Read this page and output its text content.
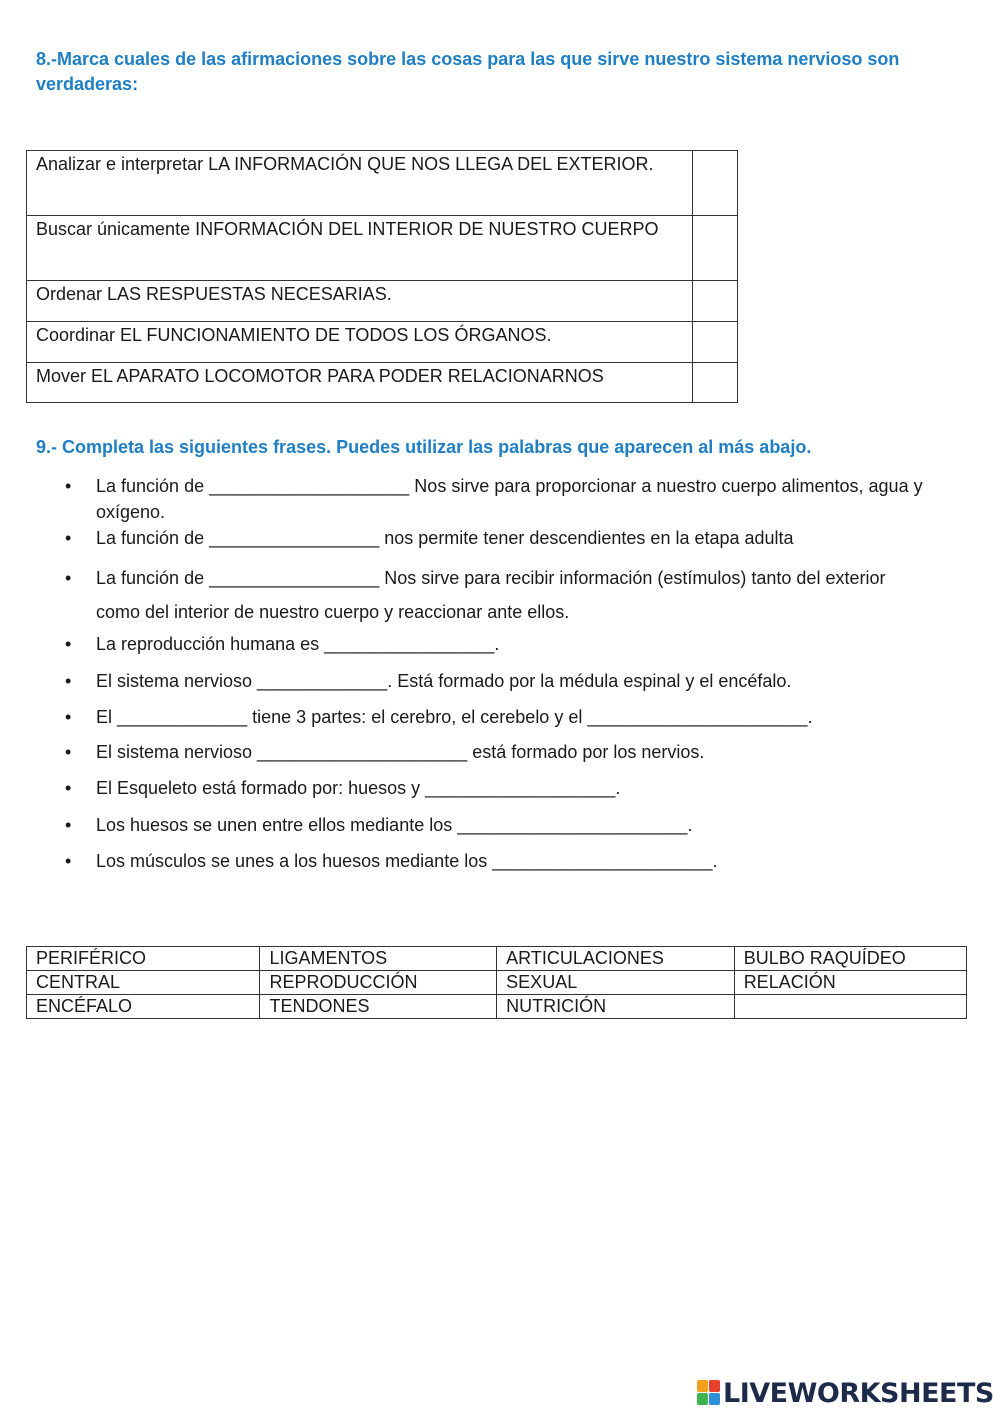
8.-Marca cuales de las afirmaciones sobre las cosas para las que sirve nuestro sistema nervioso son verdaderas:
Analizar e interpretar LA INFORMACIÓN QUE NOS LLEGA DEL EXTERIOR.	
Buscar únicamente INFORMACIÓN DEL INTERIOR DE NUESTRO CUERPO	
Ordenar LAS RESPUESTAS NECESARIAS.	
Coordinar EL FUNCIONAMIENTO DE TODOS LOS ÓRGANOS.	
Mover EL APARATO LOCOMOTOR PARA PODER RELACIONARNOS	
9.- Completa las siguientes frases. Puedes utilizar las palabras que aparecen al más abajo.
• La función de ____________________ Nos sirve para proporcionar a nuestro cuerpo alimentos, agua y oxígeno.
• La función de _________________ nos permite tener descendientes en la etapa adulta
• La función de _________________ Nos sirve para recibir información (estímulos) tanto del exterior como del interior de nuestro cuerpo y reaccionar ante ellos.
• La reproducción humana es _________________.
• El sistema nervioso _____________. Está formado por la médula espinal y el encéfalo.
• El _____________ tiene 3 partes: el cerebro, el cerebelo y el ______________________.
• El sistema nervioso _____________________ está formado por los nervios.
• El Esqueleto está formado por: huesos y ___________________.
• Los huesos se unen entre ellos mediante los _______________________.
• Los músculos se unes a los huesos mediante los ______________________.
PERIFÉRICO	LIGAMENTOS	ARTICULACIONES	BULBO RAQUÍDEO
CENTRAL	REPRODUCCIÓN	SEXUAL	RELACIÓN
ENCÉFALO	TENDONES	NUTRICIÓN	
LIVEWORKSHEETS
